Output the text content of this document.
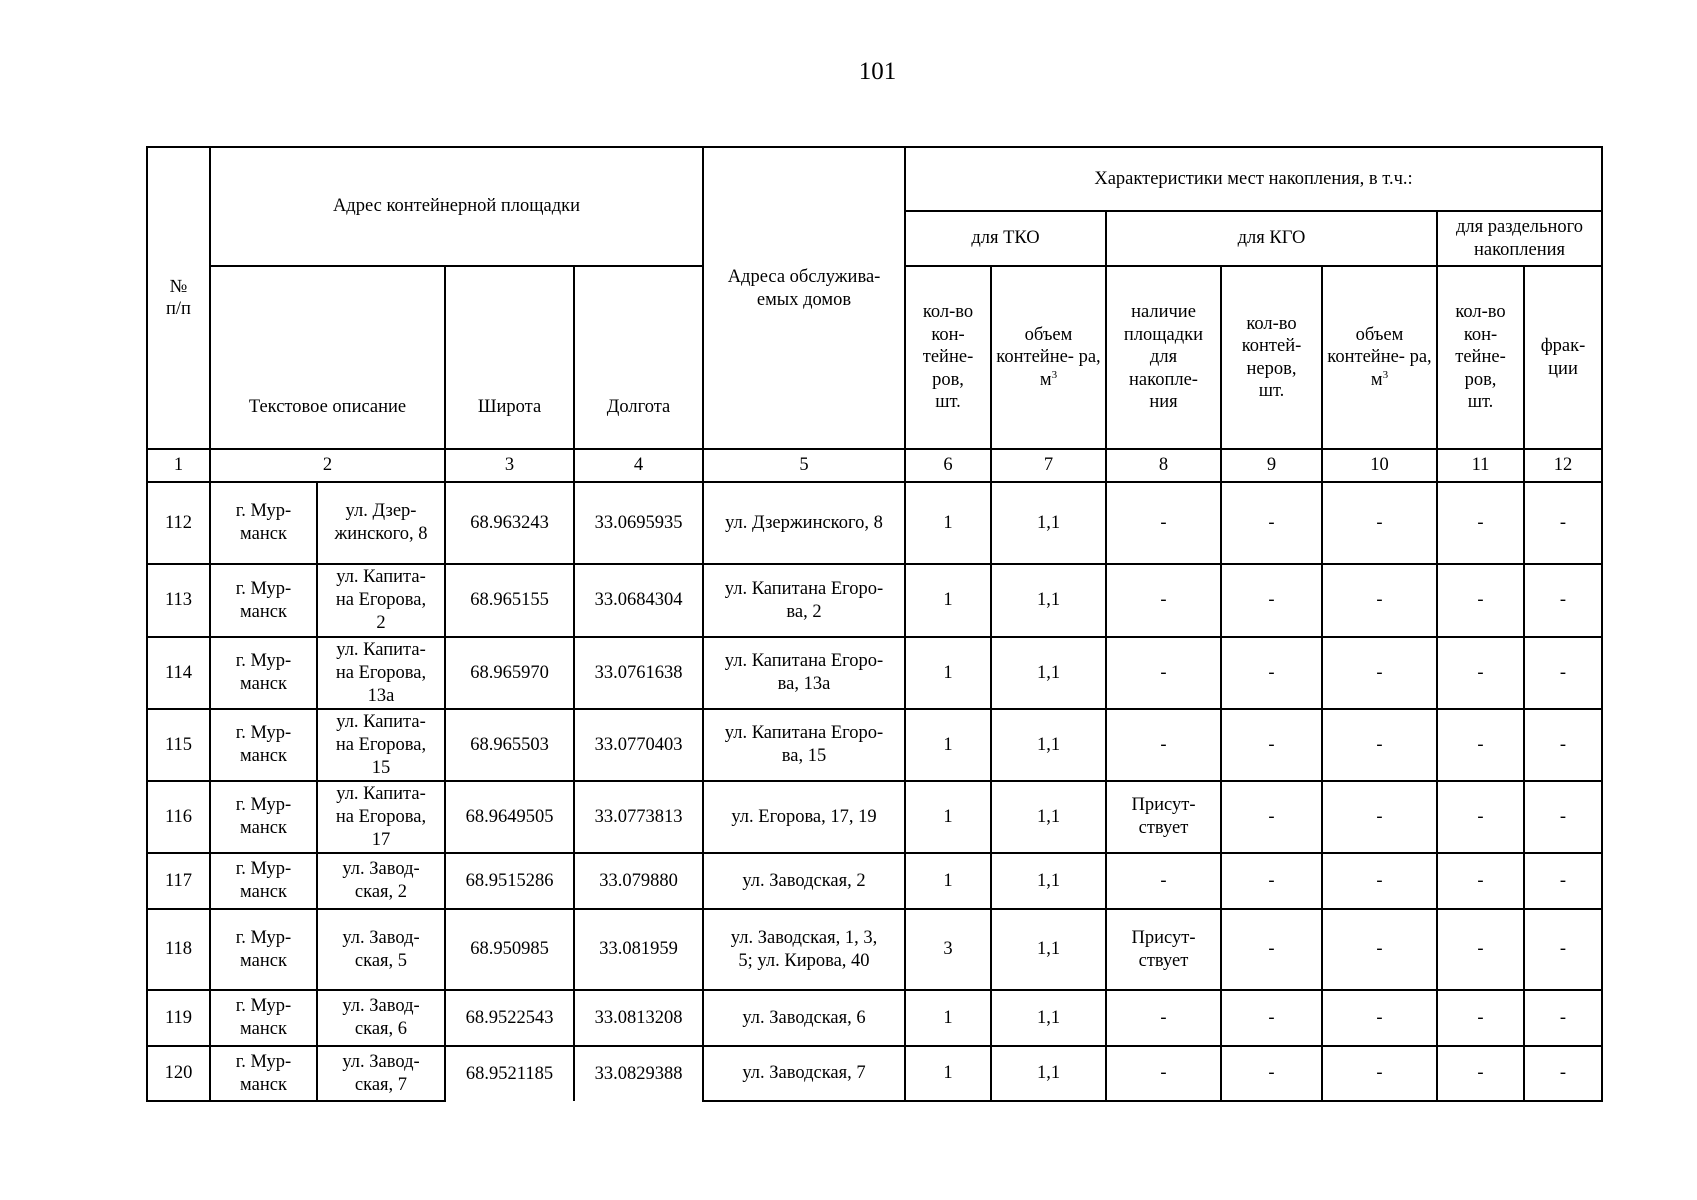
101
№
п/п	Адрес контейнерной площадки				Адреса обслужива-
емых домов	Характеристики мест накопления, в т.ч.:						
						для ТКО		для КГО			для раздельного
накопления	
	Текстовое описание		Широта	Долгота		кол-во
кон-
тейне-
ров,
шт.	объем контейне- ра,
$м^3$	наличие
площадки
для
накопле-
ния	кол-во
контей-
неров,
шт.	объем контейне- ра,
$м^3$	кол-во
кон-
тейне-
ров,
шт.	фрак-
ции
1	2		3	4	5	6	7	8	9	10	11	12
112	г. Мур-
манск	ул. Дзер-
жинского, 8	68.963243	33.0695935	ул. Дзержинского, 8	1	1,1	-	-	-	-	-
113	г. Мур-
манск	ул. Капита-
на Егорова,
2	68.965155	33.0684304	ул. Капитана Егоро-
ва, 2	1	1,1	-	-	-	-	-
114	г. Мур-
манск	ул. Капита-
на Егорова,
13а	68.965970	33.0761638	ул. Капитана Егоро-
ва, 13а	1	1,1	-	-	-	-	-
115	г. Мур-
манск	ул. Капита-
на Егорова,
15	68.965503	33.0770403	ул. Капитана Егоро-
ва, 15	1	1,1	-	-	-	-	-
116	г. Мур-
манск	ул. Капита-
на Егорова,
17	68.9649505	33.0773813	ул. Егорова, 17, 19	1	1,1	Присут-
ствует	-	-	-	-
117	г. Мур-
манск	ул. Завод-
ская, 2	68.9515286	33.079880	ул. Заводская, 2	1	1,1	-	-	-	-	-
118	г. Мур-
манск	ул. Завод-
ская, 5	68.950985	33.081959	ул. Заводская, 1, 3,
5; ул. Кирова, 40	3	1,1	Присут-
ствует	-	-	-	-
119	г. Мур-
манск	ул. Завод-
ская, 6	68.9522543	33.0813208	ул. Заводская, 6	1	1,1	-	-	-	-	-
120	г. Мур-
манск	ул. Завод-
ская, 7	68.9521185	33.0829388	ул. Заводская, 7	1	1,1	-	-	-	-	-
